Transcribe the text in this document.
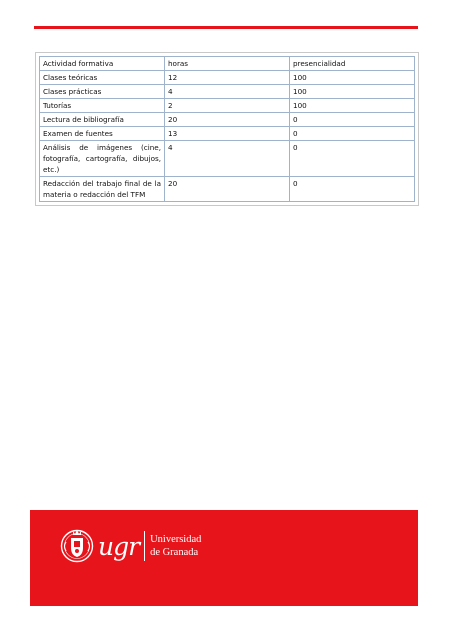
Actividad formativa	horas	presencialidad
Clases teóricas	12	100
Clases prácticas	4	100
Tutorías	2	100
Lectura de bibliografía	20	0
Examen de fuentes	13	0
Análisis de imágenes (cine, fotografía, cartografía, dibujos, etc.)	4	0
Redacción del trabajo final de la materia o redacción del TFM	20	0
ugr Universidad
de Granada
